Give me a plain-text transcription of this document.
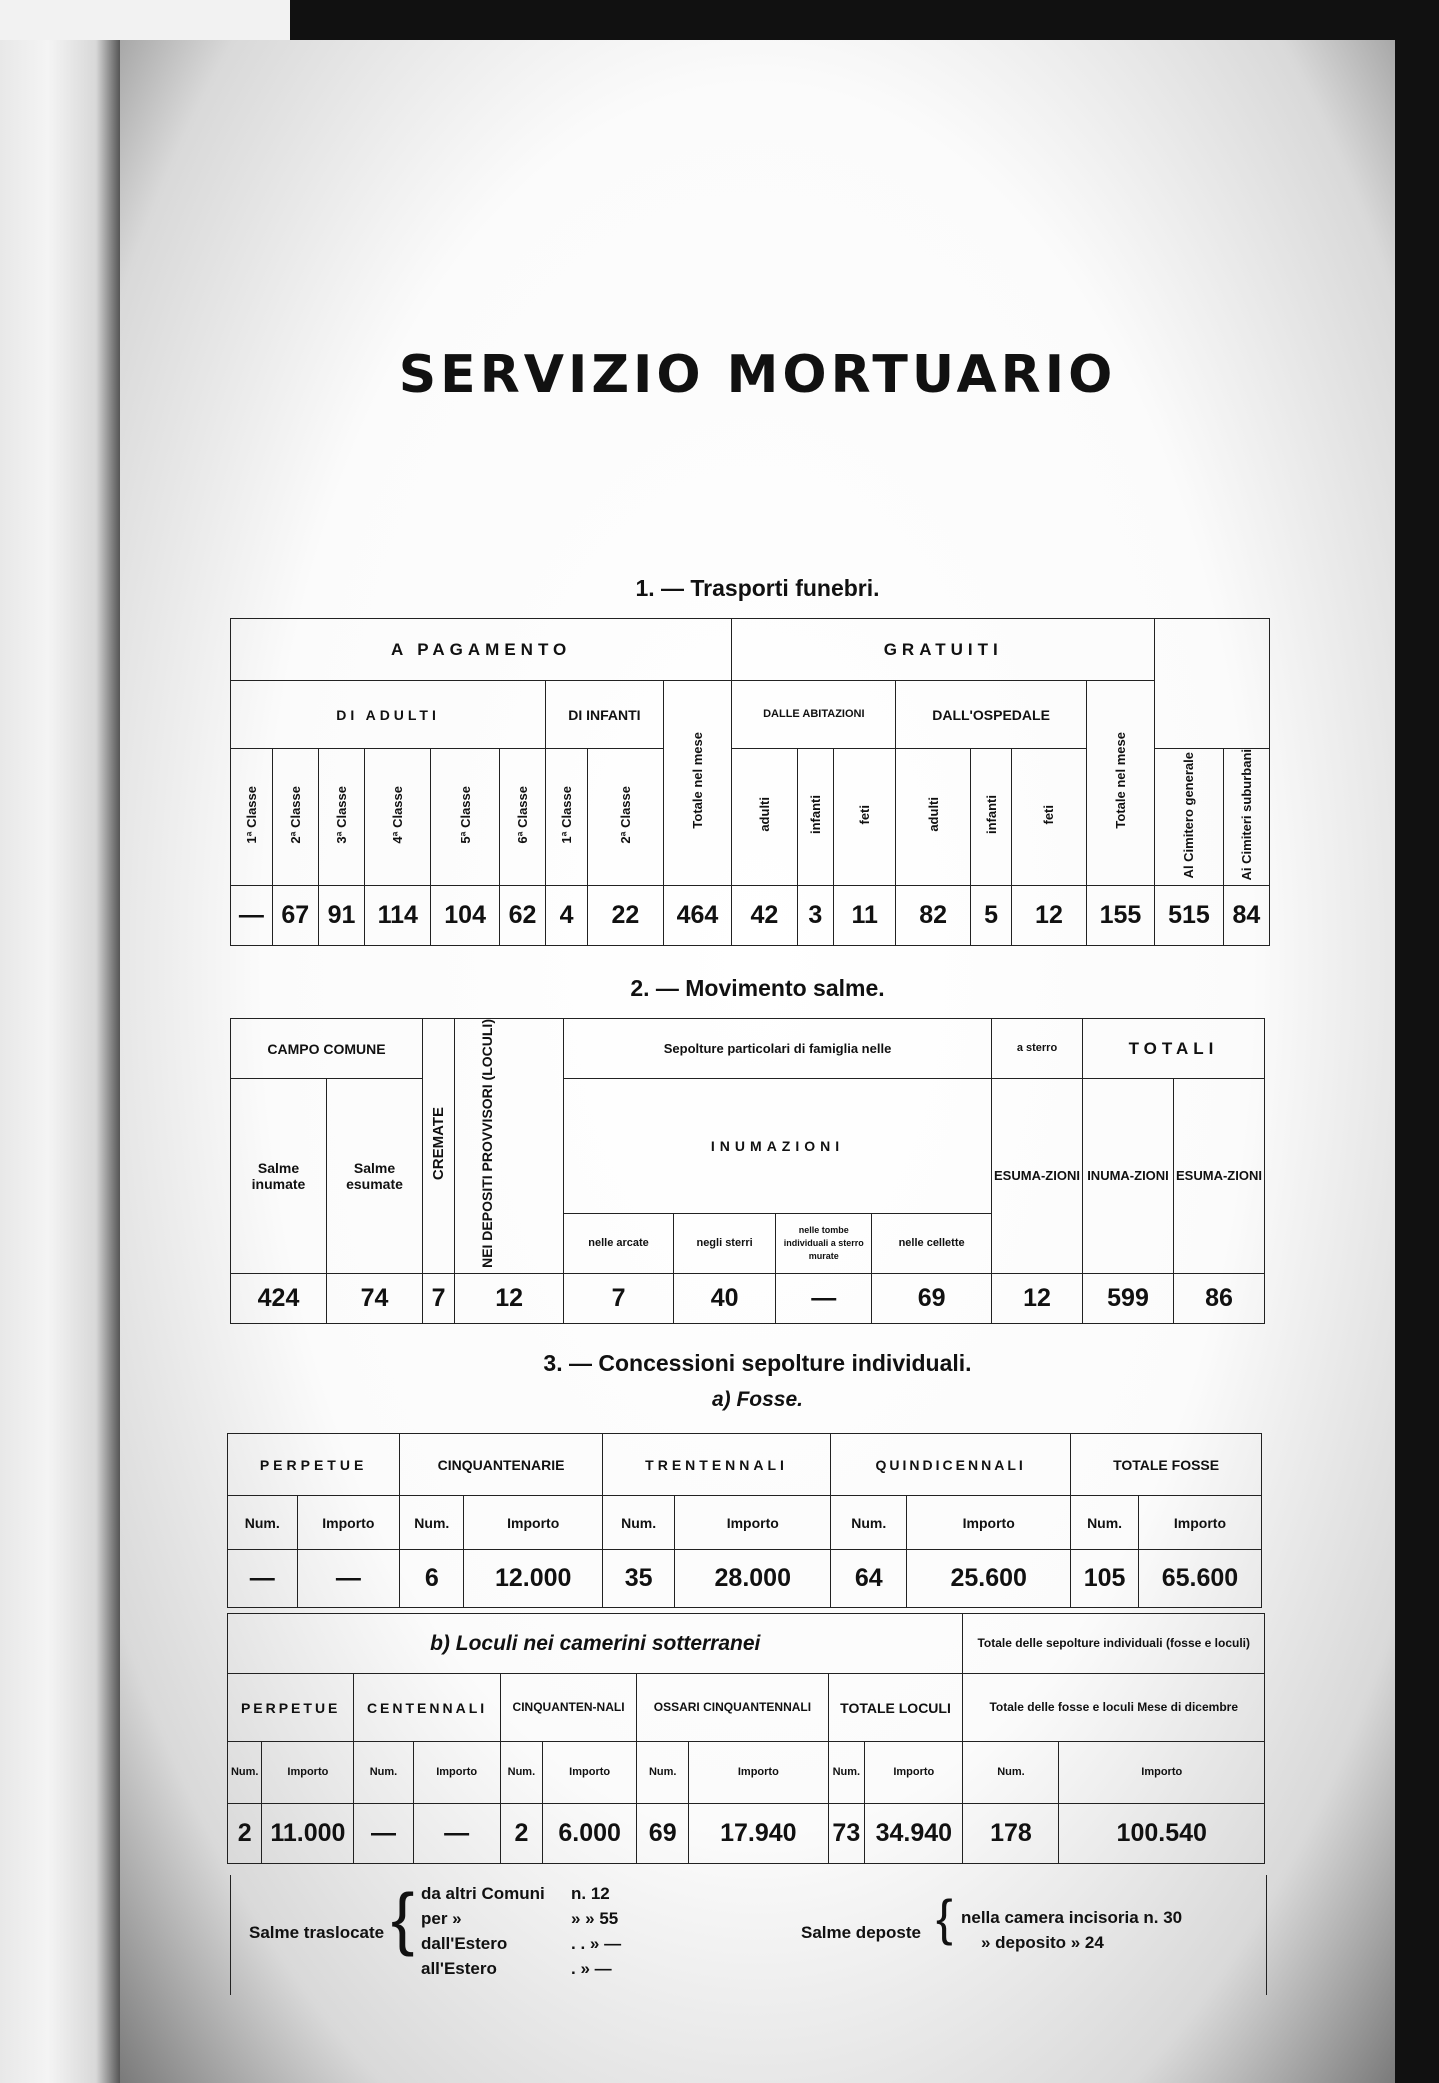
SERVIZIO MORTUARIO
1. — Trasporti funebri.
A PAGAMENTO									GRATUITI								
DI ADULTI						DI INFANTI		Totale nel mese	DALLE ABITAZIONI			DALL'OSPEDALE			Totale nel mese		
1ª Classe	2ª Classe	3ª Classe	4ª Classe	5ª Classe	6ª Classe	1ª Classe	2ª Classe		adulti	infanti	feti	adulti	infanti	feti		Al Cimitero generale	Ai Cimiteri suburbani
—	67	91	114	104	62	4	22	464	42	3	11	82	5	12	155	515	84
2. — Movimento salme.
CAMPO COMUNE		CREMATE	NEI DEPOSITI PROVVISORI (LOCULI)	Sepolture particolari di famiglia nelle				a sterro	TOTALI	
Salme inumate	Salme esumate			INUMAZIONI				ESUMA-ZIONI	INUMA-ZIONI	ESUMA-ZIONI
				nelle arcate	negli sterri	nelle tombe individuali a sterro murate	nelle cellette			
424	74	7	12	7	40	—	69	12	599	86
3. — Concessioni sepolture individuali.
a) Fosse.
PERPETUE		CINQUANTENARIE		TRENTENNALI		QUINDICENNALI		TOTALE FOSSE	
Num.	Importo	Num.	Importo	Num.	Importo	Num.	Importo	Num.	Importo
—	—	6	12.000	35	28.000	64	25.600	105	65.600
b) Loculi nei camerini sotterranei										Totale delle sepolture individuali (fosse e loculi)	
PERPETUE		CENTENNALI		CINQUANTEN-NALI		OSSARI CINQUANTENNALI		TOTALE LOCULI		Totale delle fosse e loculi Mese di dicembre	
Num.	Importo	Num.	Importo	Num.	Importo	Num.	Importo	Num.	Importo	Num.	Importo
2	11.000	—	—	2	6.000	69	17.940	73	34.940	178	100.540
Salme traslocate { da altri Comuni n. 12
per »	» » 55
dall'Estero	. . » —
all'Estero	. » —
Salme deposte { nella camera incisoria n. 30
» deposito » 24
